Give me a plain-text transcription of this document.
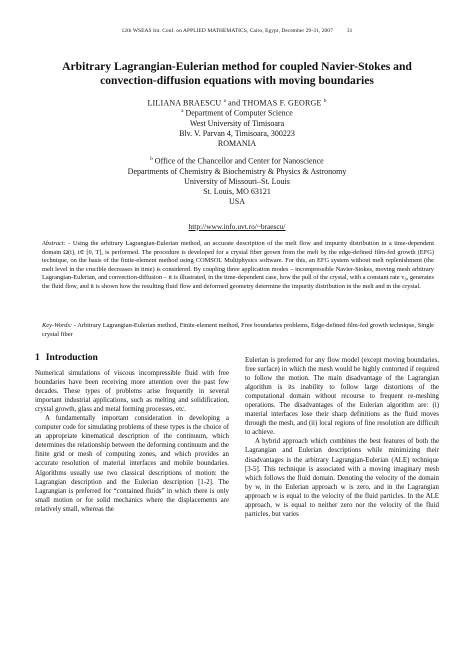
12th WSEAS Int. Conf. on APPLIED MATHEMATICS, Cairo, Egypt, December 29-31, 2007	31
Arbitrary Lagrangian-Eulerian method for coupled Navier-Stokes and
convection-diffusion equations with moving boundaries
LILIANA BRAESCU $^a$ and THOMAS F. GEORGE $^b$
$^a$ Department of Computer Science
West University of Timisoara
Blv. V. Parvan 4, Timisoara, 300223
ROMANIA
$^b$ Office of the Chancellor and Center for Nanoscience
Departments of Chemistry & Biochemistry & Physics & Astronomy
University of Missouri–St. Louis
St. Louis, MO 63121
USA
http://www.info.uvt.ro/~braescu/
Abstract: - Using the arbitrary Lagrangian-Eulerian method, an accurate description of the melt flow and impurity distribution in a time-dependent domain Ω(t), t∈ [0, T], is performed. The procedure is developed for a crystal fiber grown from the melt by the edge-defined film-fed growth (EFG) technique, on the basis of the finite-element method using COMSOL Multiphysics software. For this, an EFG system without melt replenishment (the melt level in the crucible decreases in time) is considered. By coupling three application modes – incompressible Navier-Stokes, moving mesh arbitrary Lagrangian-Eulerian, and convection-diffusion – it is illustrated, in the time-dependent case, how the pull of the crystal, with a constant rate v₀, generates the fluid flow, and it is shown how the resulting fluid flow and deformed geometry determine the impurity distribution in the melt and in the crystal.
Key-Words: - Arbitrary Lagrangian-Eulerian method, Finite-element method, Free boundaries problems, Edge-defined film-fed growth technique, Single crystal fiber
1 Introduction

Numerical simulations of viscous incompressible fluid with free boundaries have been receiving more attention over the past few decades. These types of problems arise frequently in several important industrial applications, such as melting and solidification, crystal growth, glass and metal forming processes, etc.

A fundamentally important consideration in developing a computer code for simulating problems of these types is the choice of an appropriate kinematical description of the continuum, which determines the relationship between the deforming continuum and the finite grid or mesh of computing zones, and which provides an accurate resolution of material interfaces and mobile boundaries. Algorithms usually use two classical descriptions of motion: the Lagrangian description and the Eulerian description [1-2]. The Lagrangian is preferred for “contained fluids” in which there is only small motion or for solid mechanics where the displacements are relatively small, whereas the

Eulerian is preferred for any flow model (except moving boundaries, free surface) in which the mesh would be highly contorted if required to follow the motion. The main disadvantage of the Lagrangian algorithm is its inability to follow large distortions of the computational domain without recourse to frequent re-meshing operations. The disadvantages of the Eulerian algorithm are: (i) material interfaces lose their sharp definitions as the fluid moves through the mesh, and (ii) local regions of fine resolution are difficult to achieve.

A hybrid approach which combines the best features of both the Lagrangian and Eulerian descriptions while minimizing their disadvantages is the arbitrary Lagrangian-Eulerian (ALE) technique [3-5]. This technique is associated with a moving imaginary mesh which follows the fluid domain. Denoting the velocity of the domain by w, in the Eulerian approach w is zero, and in the Lagrangian approach w is equal to the velocity of the fluid particles. In the ALE approach, w is equal to neither zero nor the velocity of the fluid particles, but varies
